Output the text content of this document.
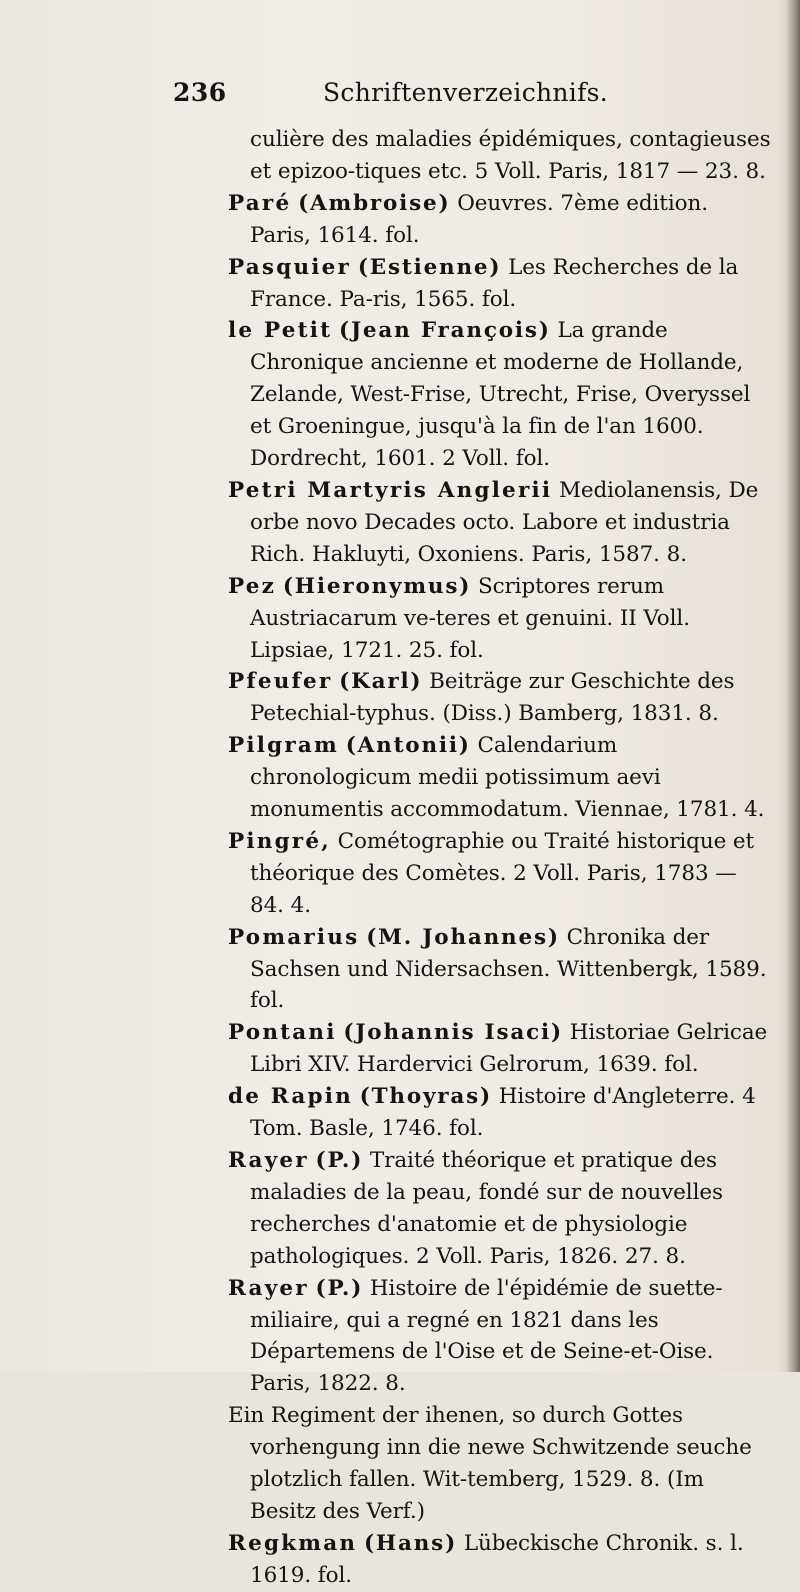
236	Schriftenverzeichnifs.

culière des maladies épidémiques, contagieuses et epizoo-tiques etc. 5 Voll. Paris, 1817 — 23. 8.

Paré (Ambroise) Oeuvres. 7ème edition. Paris, 1614. fol.

Pasquier (Estienne) Les Recherches de la France. Pa-ris, 1565. fol.

le Petit (Jean François) La grande Chronique ancienne et moderne de Hollande, Zelande, West-Frise, Utrecht, Frise, Overyssel et Groeningue, jusqu'à la fin de l'an 1600. Dordrecht, 1601. 2 Voll. fol.

Petri Martyris Anglerii Mediolanensis, De orbe novo Decades octo. Labore et industria Rich. Hakluyti, Oxoniens. Paris, 1587. 8.

Pez (Hieronymus) Scriptores rerum Austriacarum ve-teres et genuini. II Voll. Lipsiae, 1721. 25. fol.

Pfeufer (Karl) Beiträge zur Geschichte des Petechial-typhus. (Diss.) Bamberg, 1831. 8.

Pilgram (Antonii) Calendarium chronologicum medii potissimum aevi monumentis accommodatum. Viennae, 1781. 4.

Pingré, Cométographie ou Traité historique et théorique des Comètes. 2 Voll. Paris, 1783 — 84. 4.

Pomarius (M. Johannes) Chronika der Sachsen und Nidersachsen. Wittenbergk, 1589. fol.

Pontani (Johannis Isaci) Historiae Gelricae Libri XIV. Hardervici Gelrorum, 1639. fol.

de Rapin (Thoyras) Histoire d'Angleterre. 4 Tom. Basle, 1746. fol.

Rayer (P.) Traité théorique et pratique des maladies de la peau, fondé sur de nouvelles recherches d'anatomie et de physiologie pathologiques. 2 Voll. Paris, 1826. 27. 8.

Rayer (P.) Histoire de l'épidémie de suette-miliaire, qui a regné en 1821 dans les Départemens de l'Oise et de Seine-et-Oise. Paris, 1822. 8.

Ein Regiment der ihenen, so durch Gottes vorhengung inn die newe Schwitzende seuche plotzlich fallen. Wit-temberg, 1529. 8. (Im Besitz des Verf.)

Regkman (Hans) Lübeckische Chronik. s. l. 1619. fol.
